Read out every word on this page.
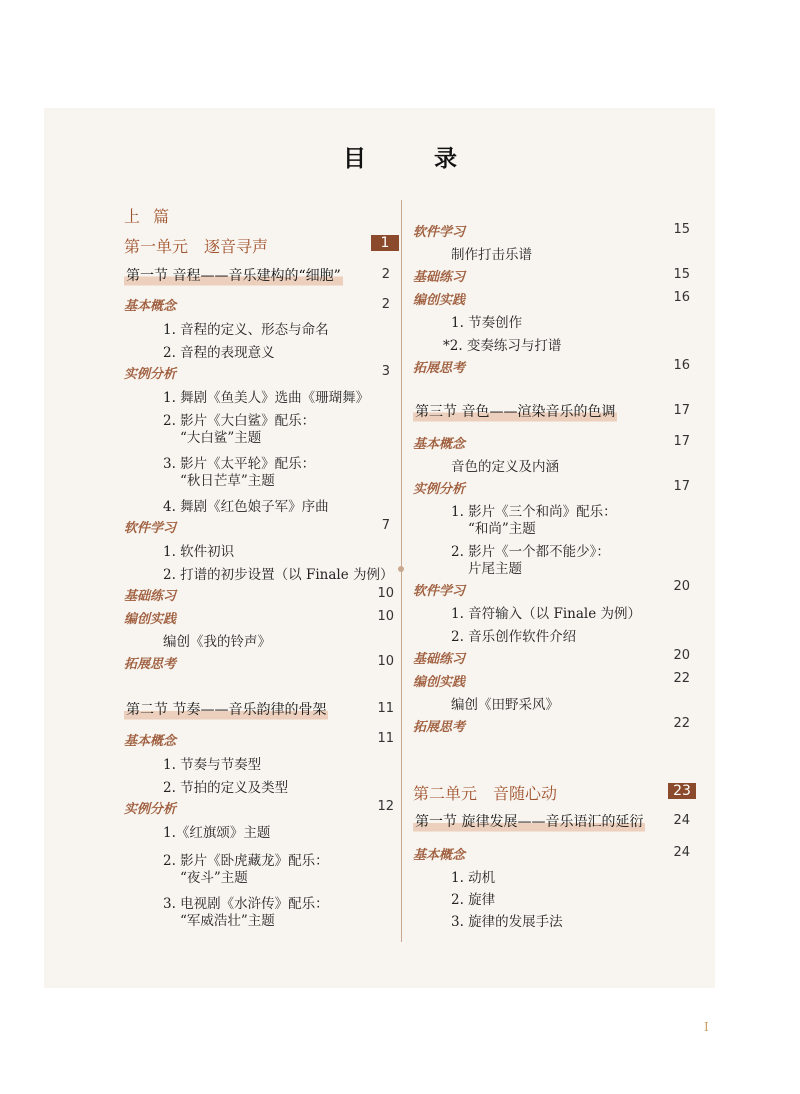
目 录
上 篇
第一单元　逐音寻声	1
第一节 音程——音乐建构的“细胞”	2
基本概念	2
1. 音程的定义、形态与命名
2. 音程的表现意义
实例分析	3
1. 舞剧《鱼美人》选曲《珊瑚舞》
2. 影片《大白鲨》配乐：
“大白鲨”主题
3. 影片《太平轮》配乐：
“秋日芒草”主题
4. 舞剧《红色娘子军》序曲
软件学习	7
1. 软件初识
2. 打谱的初步设置（以 Finale 为例）
基础练习	10
编创实践	10
编创《我的铃声》
拓展思考	10
第二节 节奏——音乐韵律的骨架	11
基本概念	11
1. 节奏与节奏型
2. 节拍的定义及类型
实例分析	12
1.《红旗颂》主题
2. 影片《卧虎藏龙》配乐：
“夜斗”主题
3. 电视剧《水浒传》配乐：
“军威浩壮”主题
软件学习	15
制作打击乐谱
基础练习	15
编创实践	16
1. 节奏创作
*2. 变奏练习与打谱
拓展思考	16
第三节 音色——渲染音乐的色调	17
基本概念	17
音色的定义及内涵
实例分析	17
1. 影片《三个和尚》配乐：
“和尚”主题
2. 影片《一个都不能少》：
片尾主题
软件学习	20
1. 音符输入（以 Finale 为例）
2. 音乐创作软件介绍
基础练习	20
编创实践	22
编创《田野采风》
拓展思考	22
第二单元　音随心动	23
第一节 旋律发展——音乐语汇的延衍	24
基本概念	24
1. 动机
2. 旋律
3. 旋律的发展手法
I
